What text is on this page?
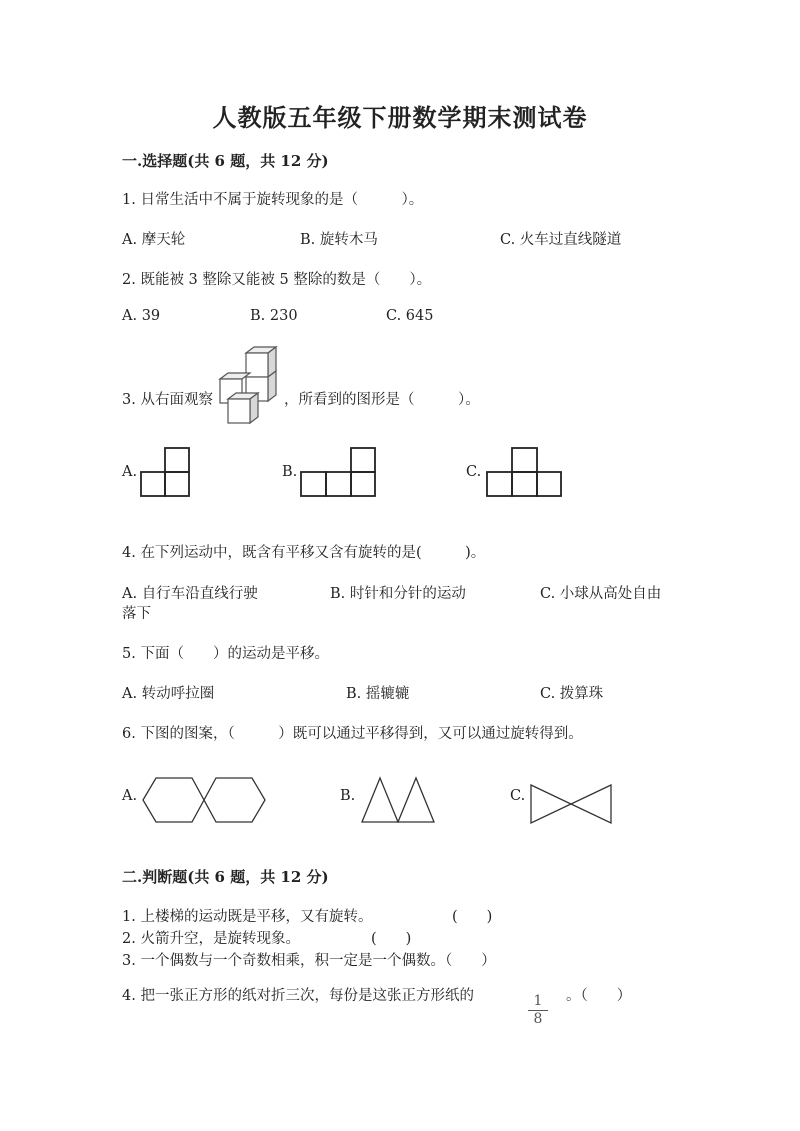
人教版五年级下册数学期末测试卷
一.选择题(共 6 题，共 12 分)
1. 日常生活中不属于旋转现象的是（　　　）。
A. 摩天轮	B. 旋转木马	C. 火车过直线隧道
2. 既能被 3 整除又能被 5 整除的数是（　　）。
A. 39	B. 230	C. 645
3. 从右面观察	，所看到的图形是（　　　）。
A.	B.	C.
4. 在下列运动中，既含有平移又含有旋转的是(　　　)。
A. 自行车沿直线行驶	B. 时针和分针的运动	C. 小球从高处自由
落下
5. 下面（　　）的运动是平移。
A. 转动呼拉圈	B. 摇辘辘	C. 拨算珠
6. 下图的图案，（　　　）既可以通过平移得到，又可以通过旋转得到。
A.	B.	C.
二.判断题(共 6 题，共 12 分)
1. 上楼梯的运动既是平移，又有旋转。	(　　)
2. 火箭升空，是旋转现象。	(　　)
3. 一个偶数与一个奇数相乘，积一定是一个偶数。（　　）
4. 把一张正方形的纸对折三次，每份是这张正方形纸的	$\frac{1}{8}$ 。（　　）
